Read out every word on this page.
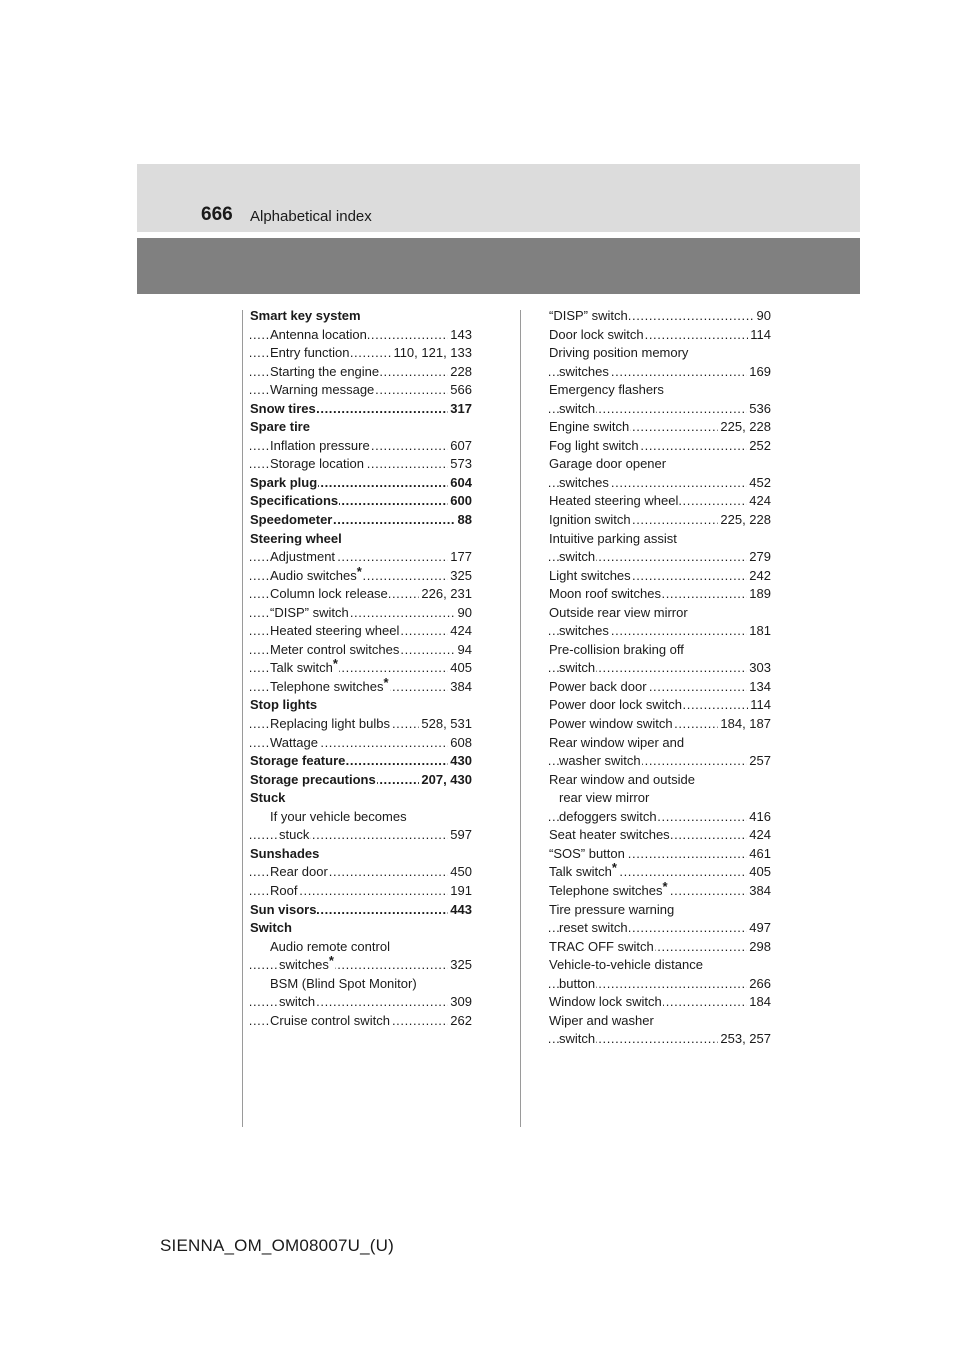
666 Alphabetical index
Smart key system
..... Antenna location	143
..... Entry function	110, 121, 133
..... Starting the engine	228
..... Warning message	566
..... Snow tires	317
Spare tire
..... Inflation pressure	607
..... Storage location	573
..... Spark plug	604
..... Specifications	600
..... Speedometer	88
Steering wheel
..... Adjustment	177
..... Audio switches*	325
..... Column lock release	226, 231
..... “DISP” switch	90
..... Heated steering wheel	424
..... Meter control switches	94
..... Talk switch*	405
..... Telephone switches*	384
Stop lights
..... Replacing light bulbs 528, 531
..... Wattage	608
..... Storage feature	430
..... Storage precautions	207, 430
Stuck
If your vehicle becomes
..... stuck	597
Sunshades
..... Rear door	450
..... Roof	191
..... Sun visors	443
Switch
Audio remote control
..... switches*	325
BSM (Blind Spot Monitor)
..... switch	309
..... Cruise control switch	262
..... “DISP” switch	90
..... Door lock switch	114
Driving position memory
..... switches	169
Emergency flashers
..... switch	536
..... Engine switch	225, 228
..... Fog light switch	252
Garage door opener
..... switches	452
..... Heated steering wheel	424
..... Ignition switch	225, 228
Intuitive parking assist
..... switch	279
..... Light switches	242
..... Moon roof switches	189
Outside rear view mirror
..... switches	181
Pre-collision braking off
..... switch	303
..... Power back door	134
..... Power door lock switch	114
..... Power window switch	184, 187
Rear window wiper and
..... washer switch	257
Rear window and outside
rear view mirror
..... defoggers switch	416
..... Seat heater switches	424
..... “SOS” button	461
..... Talk switch*	405
..... Telephone switches*	384
Tire pressure warning
..... reset switch	497
..... TRAC OFF switch	298
Vehicle-to-vehicle distance
..... button	266
..... Window lock switch	184
Wiper and washer
..... switch	253, 257
SIENNA_OM_OM08007U_(U)
